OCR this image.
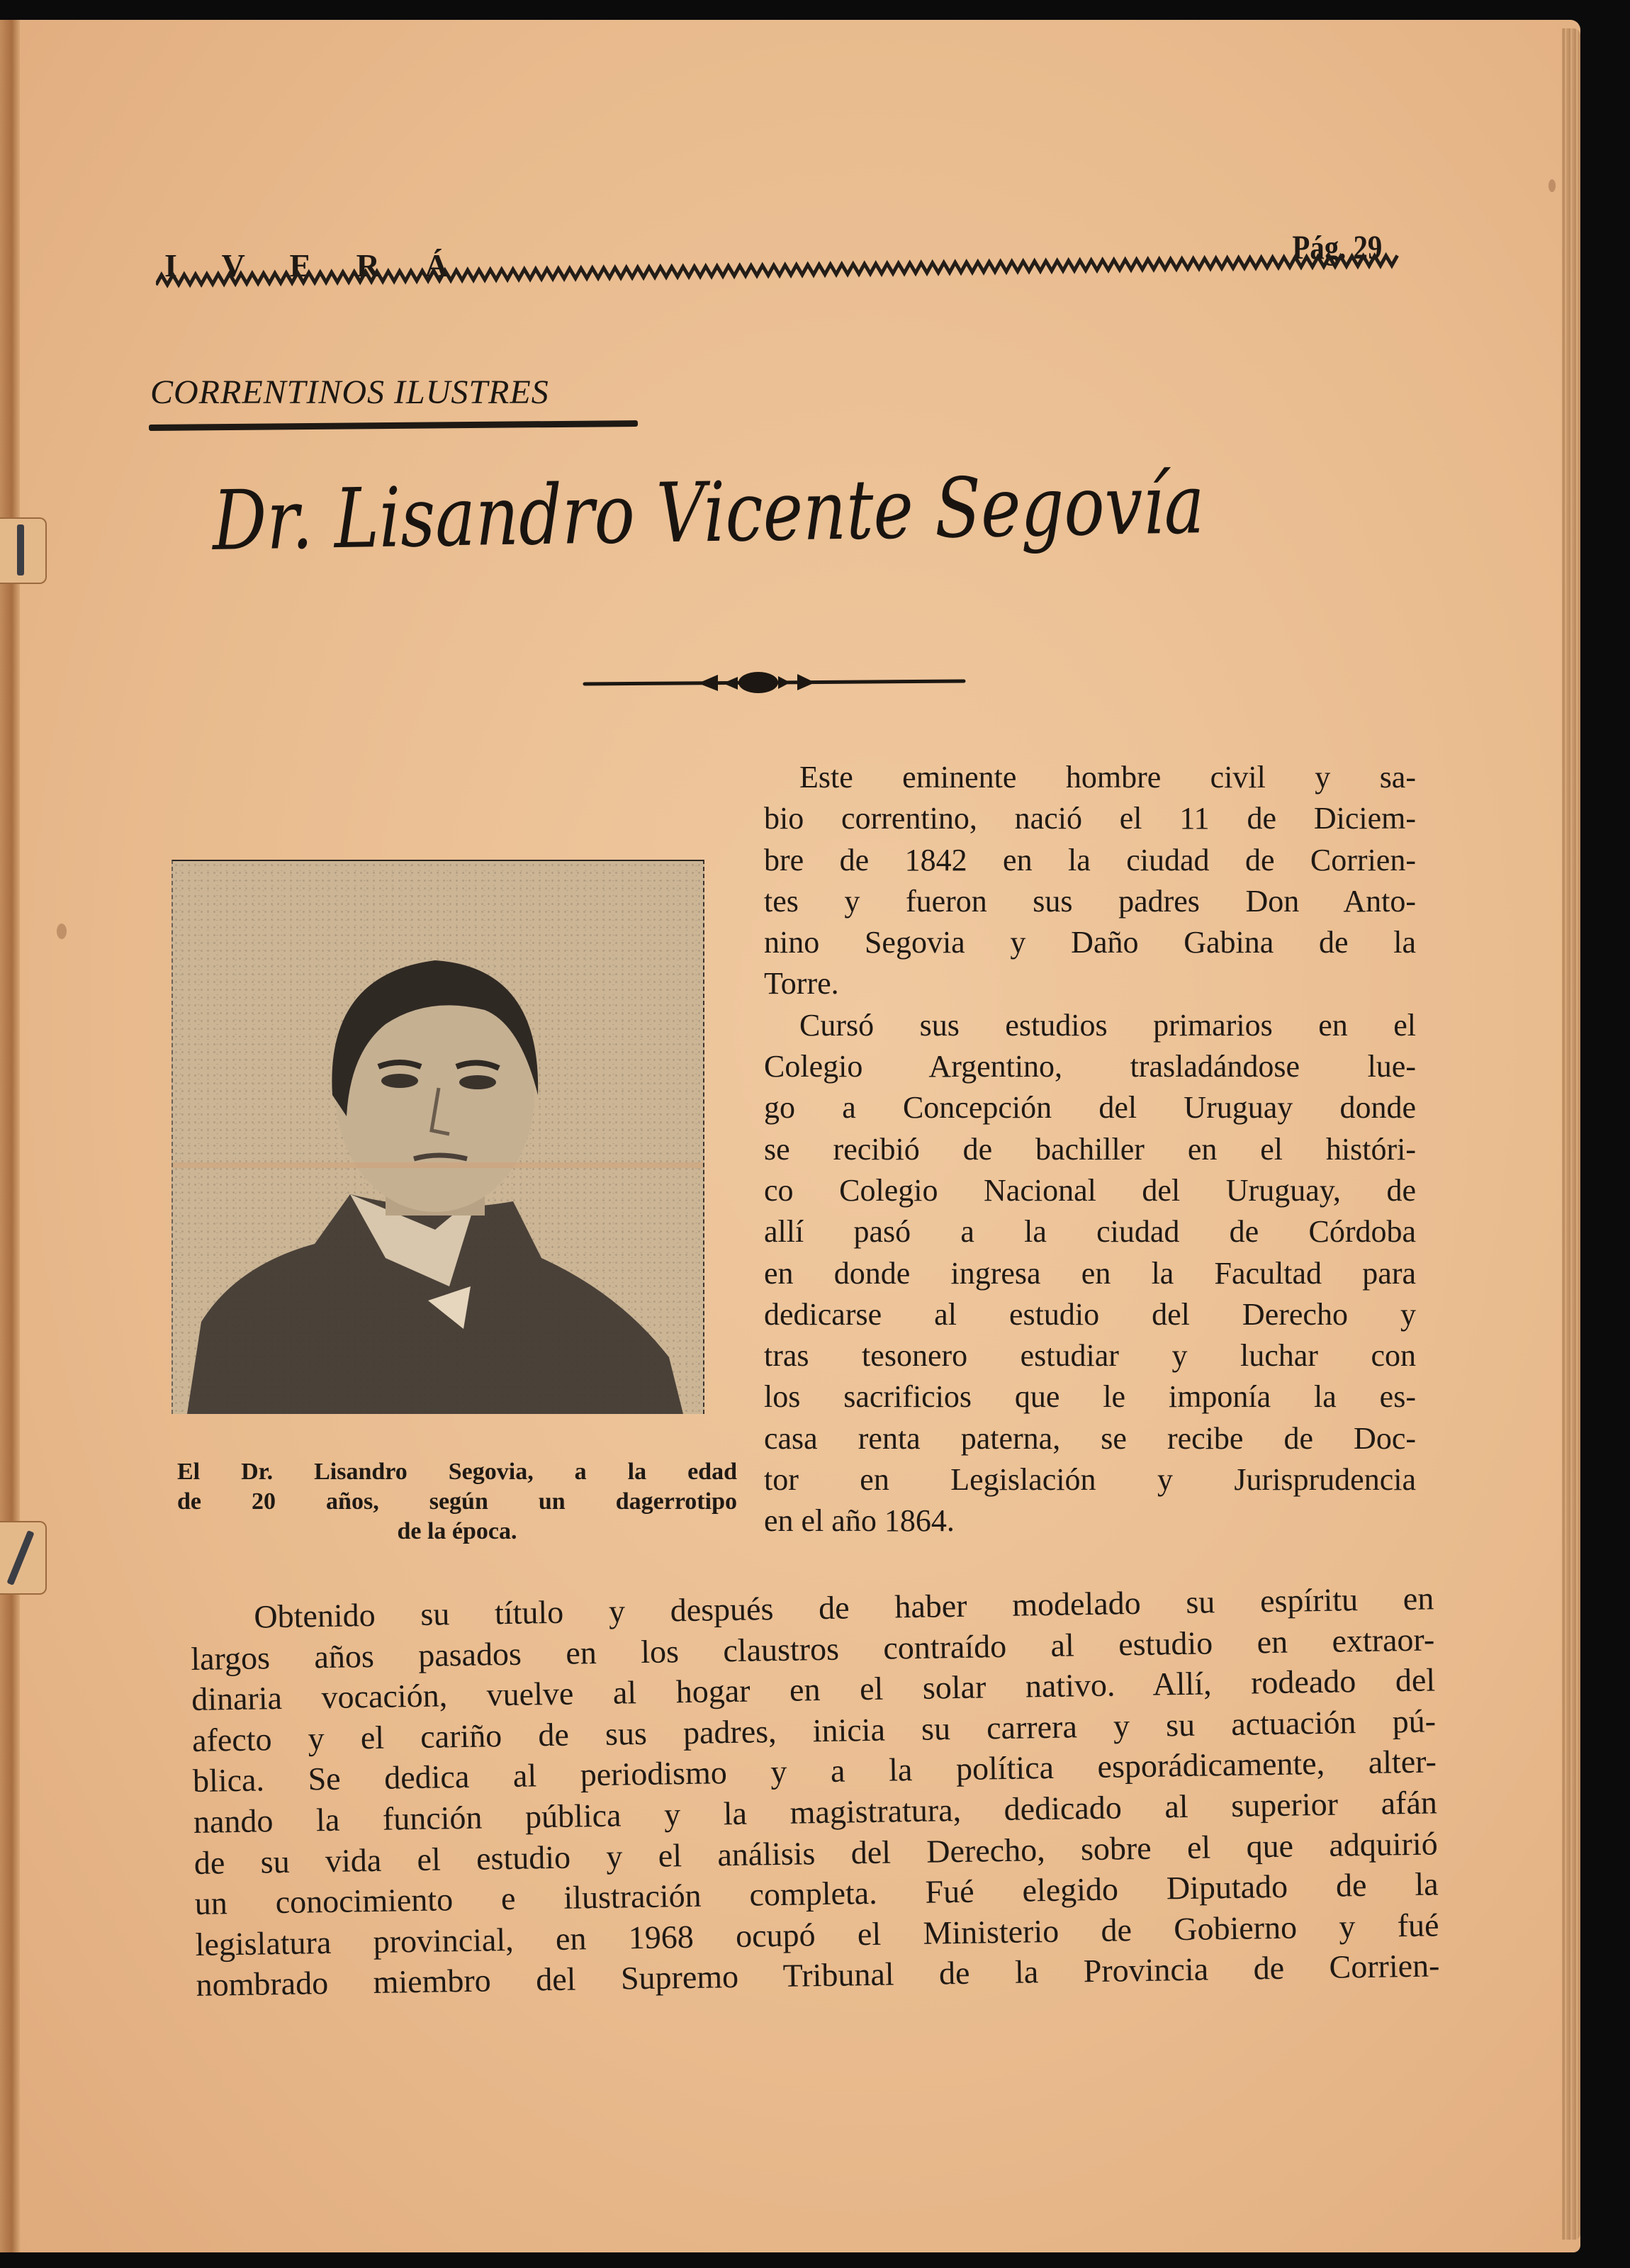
I V E R Á	Pág. 29
CORRENTINOS ILUSTRES
Dr. Lisandro Vicente Segovía
Este eminente hombre civil y sa-
bio correntino, nació el 11 de Diciem-
bre de 1842 en la ciudad de Corrien-
tes y fueron sus padres Don Anto-
nino Segovia y Daño Gabina de la
Torre.
Cursó sus estudios primarios en el
Colegio Argentino, trasladándose lue-
go a Concepción del Uruguay donde
se recibió de bachiller en el históri-
co Colegio Nacional del Uruguay, de
allí pasó a la ciudad de Córdoba
en donde ingresa en la Facultad para
dedicarse al estudio del Derecho y
tras tesonero estudiar y luchar con
los sacrificios que le imponía la es-
casa renta paterna, se recibe de Doc-
tor en Legislación y Jurisprudencia
en el año 1864.
El Dr. Lisandro Segovia, a la edad
de 20 años, según un dagerrotipo
de la época.
Obtenido su título y después de haber modelado su espíritu en
largos años pasados en los claustros contraído al estudio en extraor-
dinaria vocación, vuelve al hogar en el solar nativo. Allí, rodeado del
afecto y el cariño de sus padres, inicia su carrera y su actuación pú-
blica. Se dedica al periodismo y a la política esporádicamente, alter-
nando la función pública y la magistratura, dedicado al superior afán
de su vida el estudio y el análisis del Derecho, sobre el que adquirió
un conocimiento e ilustración completa. Fué elegido Diputado de la
legislatura provincial, en 1968 ocupó el Ministerio de Gobierno y fué
nombrado miembro del Supremo Tribunal de la Provincia de Corrien-
